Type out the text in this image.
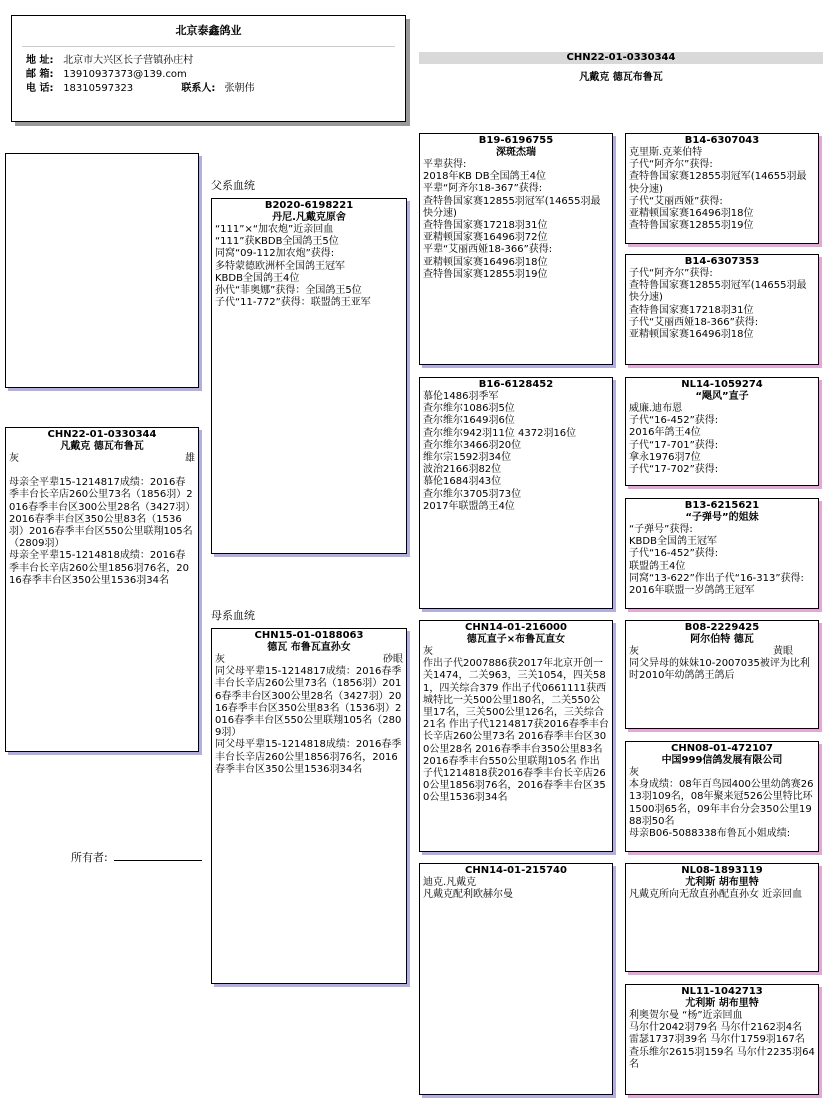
北京泰鑫鸽业
地 址: 北京市大兴区长子营镇孙庄村
邮 箱: 13910937373@139.com
电 话: 18310597323	联系人: 张朝伟
CHN22-01-0330344
凡戴克 德瓦布鲁瓦
CHN22-01-0330344
凡戴克 德瓦布鲁瓦
灰	雄
母亲全平辈15-1214817成绩：2016春季丰台长辛店260公里73名（1856羽）2016春季丰台区300公里28名（3427羽）2016春季丰台区350公里83名（1536羽）2016春季丰台区550公里联翔105名（2809羽）
母亲全平辈15-1214818成绩：2016春季丰台长辛店260公里1856羽76名，2016春季丰台区350公里1536羽34名
所有者:
父系血统
母系血统
B2020-6198221
丹尼.凡戴克原舍
“111”×“加农炮”近亲回血
“111”获KBDB全国鸽王5位
同窝“09-112加农炮”获得:
多特蒙德欧洲杯全国鸽王冠军
KBDB全国鸽王4位
孙代“菲奥娜”获得：全国鸽王5位
子代“11-772”获得：联盟鸽王亚军
CHN15-01-0188063
德瓦 布鲁瓦直孙女
灰	砂眼
同父母平辈15-1214817成绩：2016春季丰台长辛店260公里73名（1856羽）2016春季丰台区300公里28名（3427羽）2016春季丰台区350公里83名（1536羽）2016春季丰台区550公里联翔105名（2809羽）
同父母平辈15-1214818成绩：2016春季丰台长辛店260公里1856羽76名，2016春季丰台区350公里1536羽34名
B19-6196755
深斑杰瑞
平辈获得:
2018年KB DB全国鸽王4位
平辈“阿齐尔18-367”获得:
查特鲁国家赛12855羽冠军(14655羽最快分速)
查特鲁国家赛17218羽31位
亚精顿国家赛16496羽72位
平辈“艾丽西娅18-366”获得:
亚精顿国家赛16496羽18位
查特鲁国家赛12855羽19位
B16-6128452
慕伦1486羽季军
查尔维尔1086羽5位
查尔维尔1649羽6位
查尔维尔942羽11位 4372羽16位
查尔维尔3466羽20位
维尔宗1592羽34位
波治2166羽82位
慕伦1684羽43位
查尔维尔3705羽73位
2017年联盟鸽王4位
CHN14-01-216000
德瓦直子×布鲁瓦直女
灰
作出子代2007886获2017年北京开创一关1474，二关963，三关1054，四关581，四关综合379 作出子代0661111获西城特比一关500公里180名，二关550公里17名，三关500公里126名，三关综合21名 作出子代1214817获2016春季丰台长辛店260公里73名 2016春季丰台区300公里28名 2016春季丰台350公里83名 2016春季丰台550公里联翔105名 作出子代1214818获2016春季丰台长辛店260公里1856羽76名，2016春季丰台区350公里1536羽34名
CHN14-01-215740
迪克.凡戴克
凡戴克配利欧赫尔曼
B14-6307043
克里斯.克莱伯特
子代“阿齐尔”获得:
查特鲁国家赛12855羽冠军(14655羽最快分速)
子代“艾丽西娅”获得:
亚精顿国家赛16496羽18位
查特鲁国家赛12855羽19位
B14-6307353
子代“阿齐尔”获得:
查特鲁国家赛12855羽冠军(14655羽最快分速)
查特鲁国家赛17218羽31位
子代“艾丽西娅18-366”获得:
亚精顿国家赛16496羽18位
NL14-1059274
“飓风”直子
威廉.迪布恩
子代“16-452”获得:
2016年鸽王4位
子代“17-701”获得:
拿永1976羽7位
子代“17-702”获得:
B13-6215621
“子弹号”的姐妹
“子弹号”获得:
KBDB全国鸽王冠军
子代“16-452”获得:
联盟鸽王4位
同窝“13-622”作出子代“16-313”获得:
2016年联盟一岁鸽鸽王冠军
B08-2229425
阿尔伯特 德瓦
灰	黄眼
同父异母的妹妹10-2007035被评为比利时2010年幼鸽鸽王鸽后
CHN08-01-472107
中国999信鸽发展有限公司
灰
本身成绩：08年百鸟园400公里幼鸽赛2613羽109名，08年聚来冠526公里特比环1500羽65名，09年丰台分会350公里1988羽50名
母亲B06-5088338布鲁瓦小姐成绩:
NL08-1893119
尤利斯 胡布里特
凡戴克所向无敌直孙配直孙女 近亲回血
NL11-1042713
尤利斯 胡布里特
利奥贺尔曼 “杨”近亲回血
马尔什2042羽79名 马尔什2162羽4名
雷瑟1737羽39名 马尔什1759羽167名
查乐维尔2615羽159名 马尔什2235羽64名
